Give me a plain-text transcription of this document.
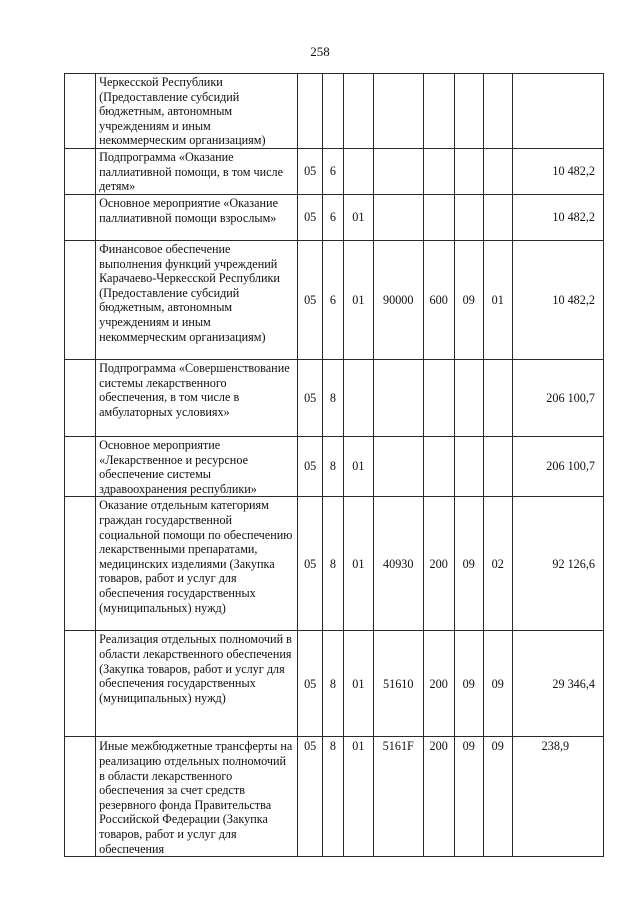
258
	Черкесской Республики (Предоставление субсидий бюджетным, автономным учреждениям и иным некоммерческим организациям)								
	Подпрограмма «Оказание паллиативной помощи, в том числе детям»	05	6						10 482,2
	Основное мероприятие «Оказание паллиативной помощи взрослым»	05	6	01					10 482,2
	Финансовое обеспечение выполнения функций учреждений Карачаево-Черкесской Республики (Предоставление субсидий бюджетным, автономным учреждениям и иным некоммерческим организациям)	05	6	01	90000	600	09	01	10 482,2
	Подпрограмма «Совершенствование системы лекарственного обеспечения, в том числе в амбулаторных условиях»	05	8						206 100,7
	Основное мероприятие «Лекарственное и ресурсное обеспечение системы здравоохранения республики»	05	8	01					206 100,7
	Оказание отдельным категориям граждан государственной социальной помощи по обеспечению лекарственными препаратами, медицинских изделиями (Закупка товаров, работ и услуг для обеспечения государственных (муниципальных) нужд)	05	8	01	40930	200	09	02	92 126,6
	Реализация отдельных полномочий в области лекарственного обеспечения (Закупка товаров, работ и услуг для обеспечения государственных (муниципальных) нужд)	05	8	01	51610	200	09	09	29 346,4
	Иные межбюджетные трансферты на реализацию отдельных полномочий в области лекарственного обеспечения за счет средств резервного фонда Правительства Российской Федерации (Закупка товаров, работ и услуг для обеспечения	05	8	01	5161F	200	09	09	238,9
